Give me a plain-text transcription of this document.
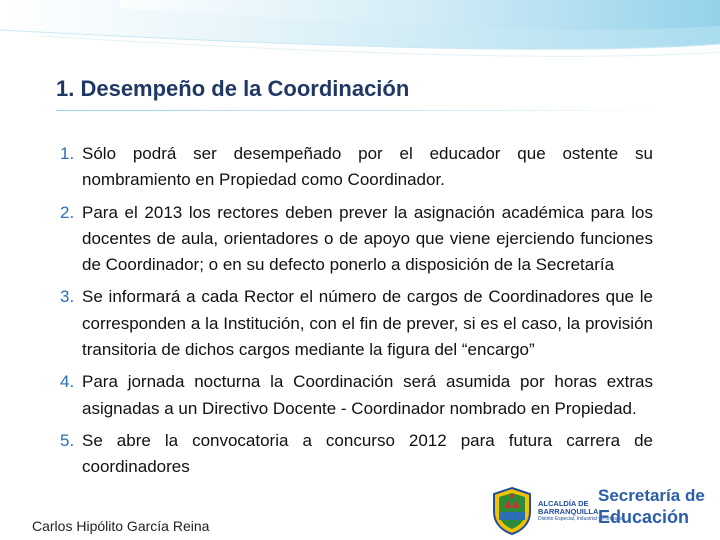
1. Desempeño de la Coordinación
1. Sólo podrá ser desempeñado por el educador que ostente su nombramiento en Propiedad como Coordinador.
2. Para el 2013 los rectores deben prever la asignación académica para los docentes de aula, orientadores o de apoyo que viene ejerciendo funciones de Coordinador; o en su defecto ponerlo a disposición de la Secretaría
3. Se informará a cada Rector el número de cargos de Coordinadores que le corresponden a la Institución, con el fin de prever, si es el caso, la provisión transitoria de dichos cargos mediante la figura del “encargo”
4. Para jornada nocturna la Coordinación será asumida por horas extras asignadas a un Directivo Docente - Coordinador nombrado en Propiedad.
5. Se abre la convocatoria a concurso 2012 para futura carrera de coordinadores
Carlos Hipólito García Reina
ALCALDÍA DE
BARRANQUILLA
Distrito Especial, Industrial y Portuario
Secretaría de
Educación
